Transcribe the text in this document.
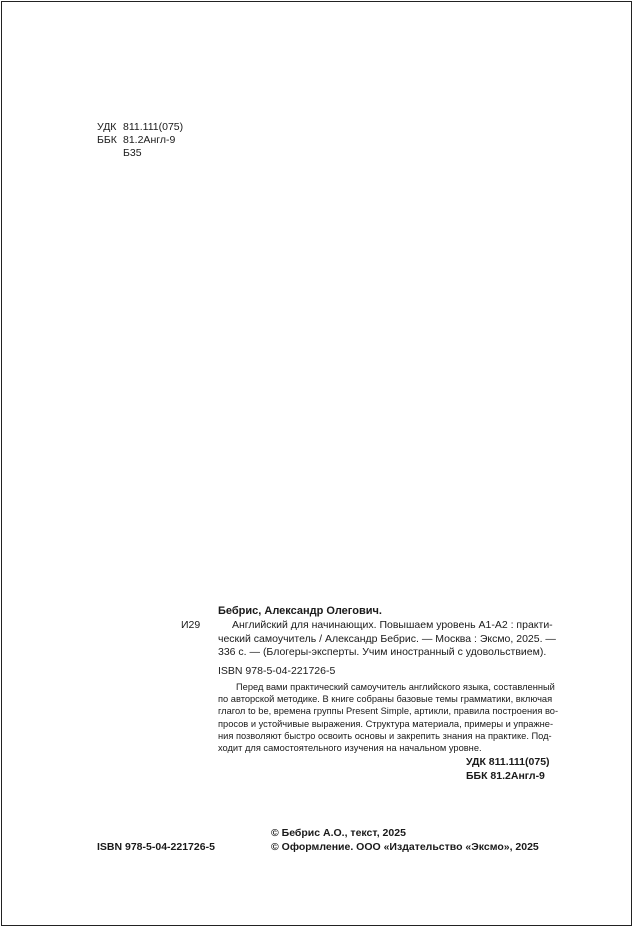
УДК 811.111(075)
ББК 81.2Англ-9
Б35
Бебрис, Александр Олегович.
И29	Английский для начинающих. Повышаем уровень А1-А2 : практи-
ческий самоучитель / Александр Бебрис. — Москва : Эксмо, 2025. —
336 с. — (Блогеры-эксперты. Учим иностранный с удовольствием).
ISBN 978-5-04-221726-5
Перед вами практический самоучитель английского языка, составленный
по авторской методике. В книге собраны базовые темы грамматики, включая
глагол to be, времена группы Present Simple, артикли, правила построения во-
просов и устойчивые выражения. Структура материала, примеры и упражне-
ния позволяют быстро освоить основы и закрепить знания на практике. Под-
ходит для самостоятельного изучения на начальном уровне.
УДК 811.111(075)
ББК 81.2Англ-9
ISBN 978-5-04-221726-5
© Бебрис А.О., текст, 2025
© Оформление. ООО «Издательство «Эксмо», 2025
